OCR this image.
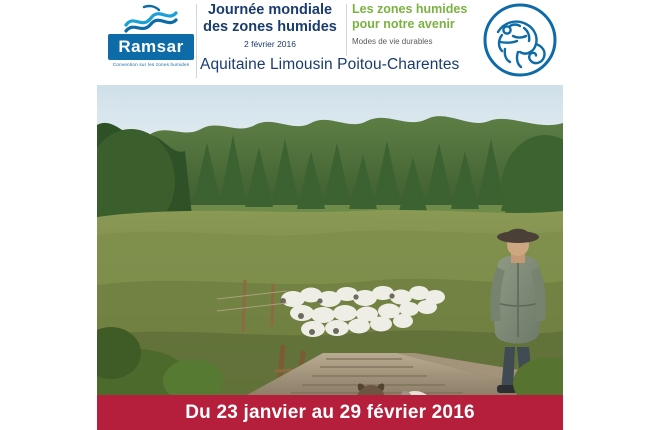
Ramsar
Convention sur les zones humides
Journée mondiale
des zones humides
2 février 2016
Les zones humides
pour notre avenir
Modes de vie durables
Aquitaine Limousin Poitou-Charentes
Du 23 janvier au 29 février 2016
